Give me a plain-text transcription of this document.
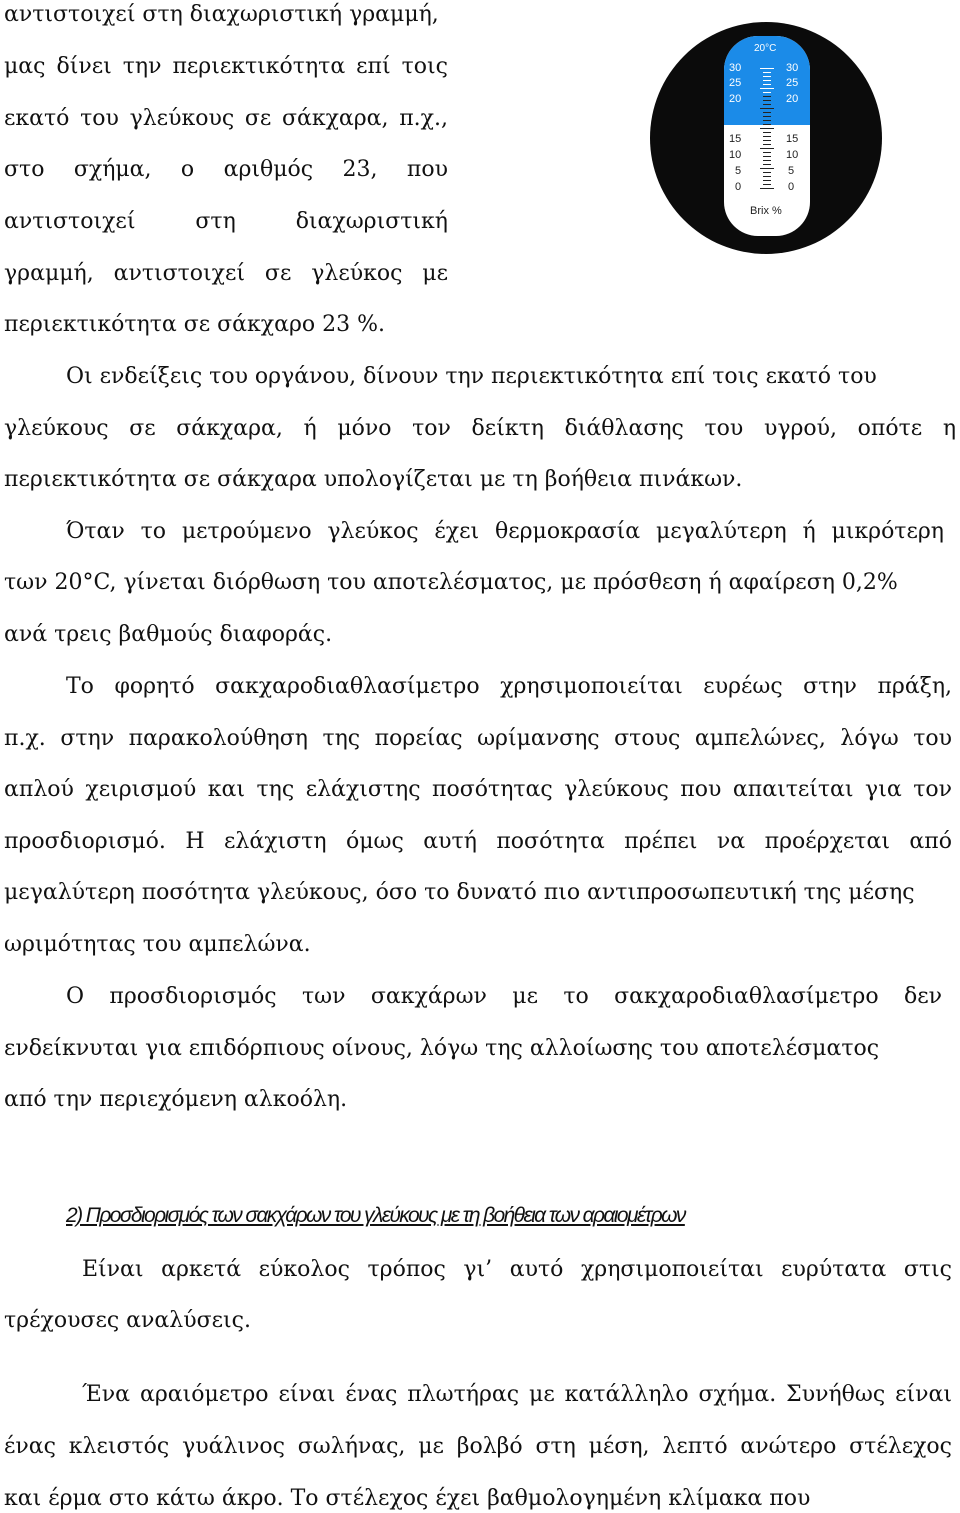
αντιστοιχεί στη διαχωριστική γραμμή,
μας δίνει την περιεκτικότητα επί τοις
εκατό του γλεύκους σε σάκχαρα, π.χ.,
στο σχήμα, ο αριθμός 23, που
αντιστοιχεί στη διαχωριστική
γραμμή, αντιστοιχεί σε γλεύκος με
περιεκτικότητα σε σάκχαρο 23 %.
20°C
30
25
20
15
10
5
0
30
25
20
15
10
5
0
Brix %
Οι ενδείξεις του οργάνου, δίνουν την περιεκτικότητα επί τοις εκατό του
γλεύκους σε σάκχαρα, ή μόνο τον δείκτη διάθλασης του υγρού, οπότε η
περιεκτικότητα σε σάκχαρα υπολογίζεται με τη βοήθεια πινάκων.
Όταν το μετρούμενο γλεύκος έχει θερμοκρασία μεγαλύτερη ή μικρότερη
των 20°C, γίνεται διόρθωση του αποτελέσματος, με πρόσθεση ή αφαίρεση 0,2%
ανά τρεις βαθμούς διαφοράς.
Το φορητό σακχαροδιαθλασίμετρο χρησιμοποιείται ευρέως στην πράξη,
π.χ. στην παρακολούθηση της πορείας ωρίμανσης στους αμπελώνες, λόγω του
απλού χειρισμού και της ελάχιστης ποσότητας γλεύκους που απαιτείται για τον
προσδιορισμό. Η ελάχιστη όμως αυτή ποσότητα πρέπει να προέρχεται από
μεγαλύτερη ποσότητα γλεύκους, όσο το δυνατό πιο αντιπροσωπευτική της μέσης
ωριμότητας του αμπελώνα.
Ο προσδιορισμός των σακχάρων με το σακχαροδιαθλασίμετρο δεν
ενδείκνυται για επιδόρπιους οίνους, λόγω της αλλοίωσης του αποτελέσματος
από την περιεχόμενη αλκοόλη.
2) Προσδιορισμός των σακχάρων του γλεύκους με τη βοήθεια των αραιομέτρων
Είναι αρκετά εύκολος τρόπος γι’ αυτό χρησιμοποιείται ευρύτατα στις
τρέχουσες αναλύσεις.
Ένα αραιόμετρο είναι ένας πλωτήρας με κατάλληλο σχήμα. Συνήθως είναι
ένας κλειστός γυάλινος σωλήνας, με βολβό στη μέση, λεπτό ανώτερο στέλεχος
και έρμα στο κάτω άκρο. Το στέλεχος έχει βαθμολογημένη κλίμακα που
